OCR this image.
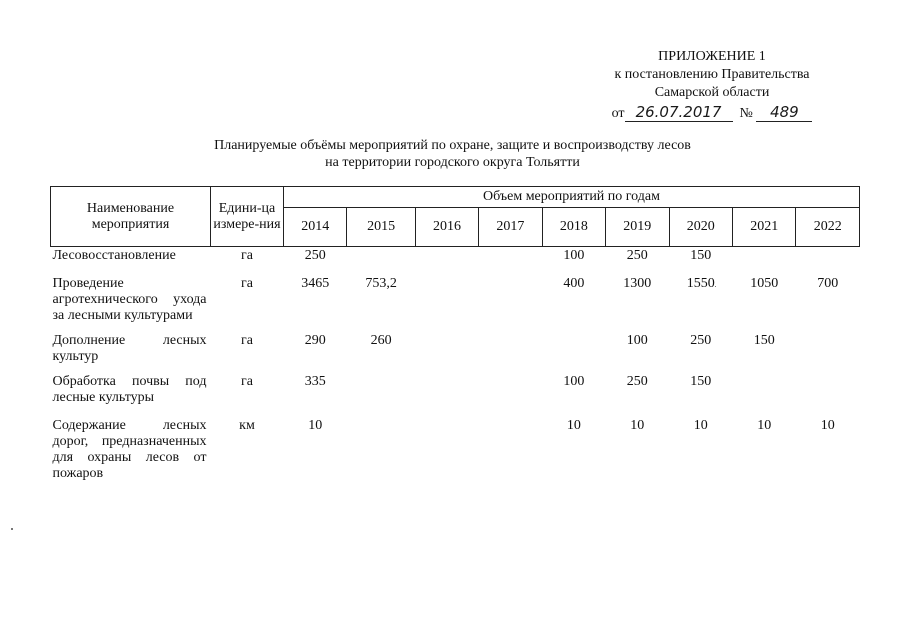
ПРИЛОЖЕНИЕ 1
к постановлению Правительства
Самарской области
от 26.07.2017 № 489
Планируемые объёмы мероприятий по охране, защите и воспроизводству лесов
на территории городского округа Тольятти
Наименование мероприятия	Едини-ца измере-ния	Объем мероприятий по годам								
		2014	2015	2016	2017	2018	2019	2020	2021	2022
Лесовосстановление	га	250				100	250	150		
Проведение агротехнического ухода за лесными культурами	га	3465	753,2			400	1300	1550	1050	700
Дополнение лесных культур	га	290	260				100	250	150	
Обработка почвы под лесные культуры	га	335				100	250	150		
Содержание лесных дорог, предназначенных для охраны лесов от пожаров	км	10				10	10	10	10	10
